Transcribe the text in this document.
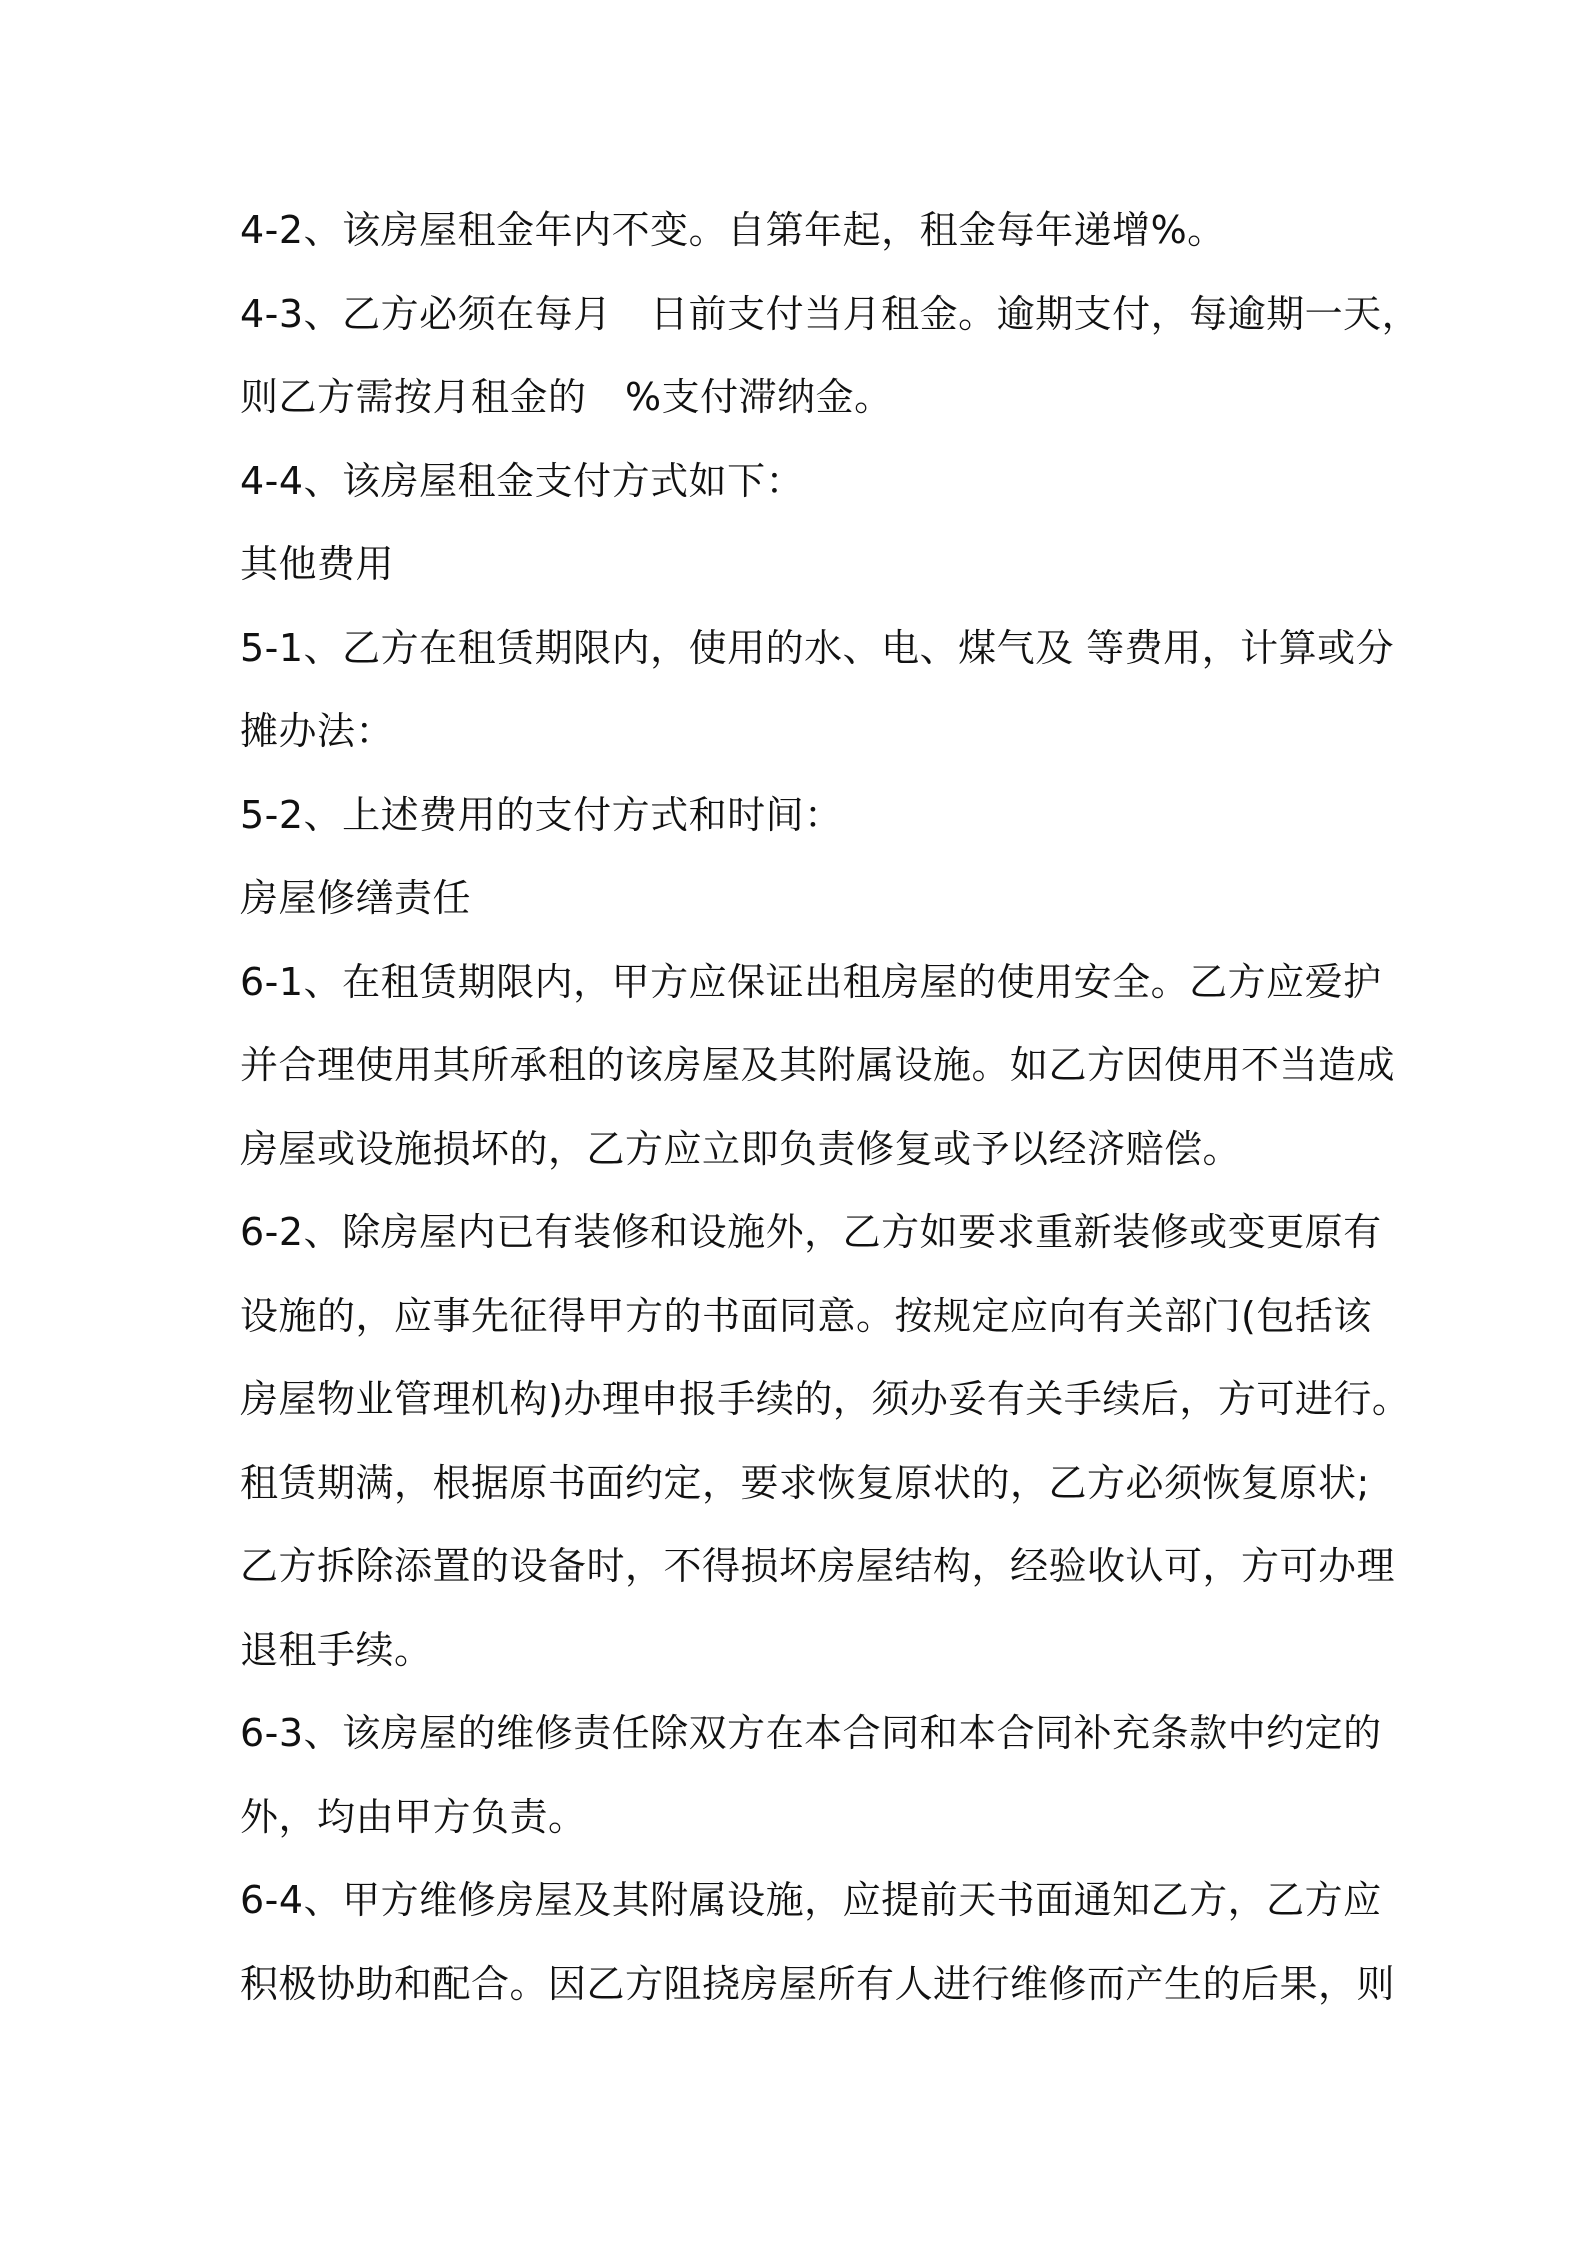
4-2、该房屋租金年内不变。自第年起，租金每年递增%。

4-3、乙方必须在每月　日前支付当月租金。逾期支付，每逾期一天，

则乙方需按月租金的　%支付滞纳金。

4-4、该房屋租金支付方式如下：

其他费用

5-1、乙方在租赁期限内，使用的水、电、煤气及 等费用，计算或分

摊办法：

5-2、上述费用的支付方式和时间：

房屋修缮责任

6-1、在租赁期限内，甲方应保证出租房屋的使用安全。乙方应爱护

并合理使用其所承租的该房屋及其附属设施。如乙方因使用不当造成

房屋或设施损坏的，乙方应立即负责修复或予以经济赔偿。

6-2、除房屋内已有装修和设施外，乙方如要求重新装修或变更原有

设施的，应事先征得甲方的书面同意。按规定应向有关部门(包括该

房屋物业管理机构)办理申报手续的，须办妥有关手续后，方可进行。

租赁期满，根据原书面约定，要求恢复原状的，乙方必须恢复原状;

乙方拆除添置的设备时，不得损坏房屋结构，经验收认可，方可办理

退租手续。

6-3、该房屋的维修责任除双方在本合同和本合同补充条款中约定的

外，均由甲方负责。

6-4、甲方维修房屋及其附属设施，应提前天书面通知乙方，乙方应

积极协助和配合。因乙方阻挠房屋所有人进行维修而产生的后果，则
